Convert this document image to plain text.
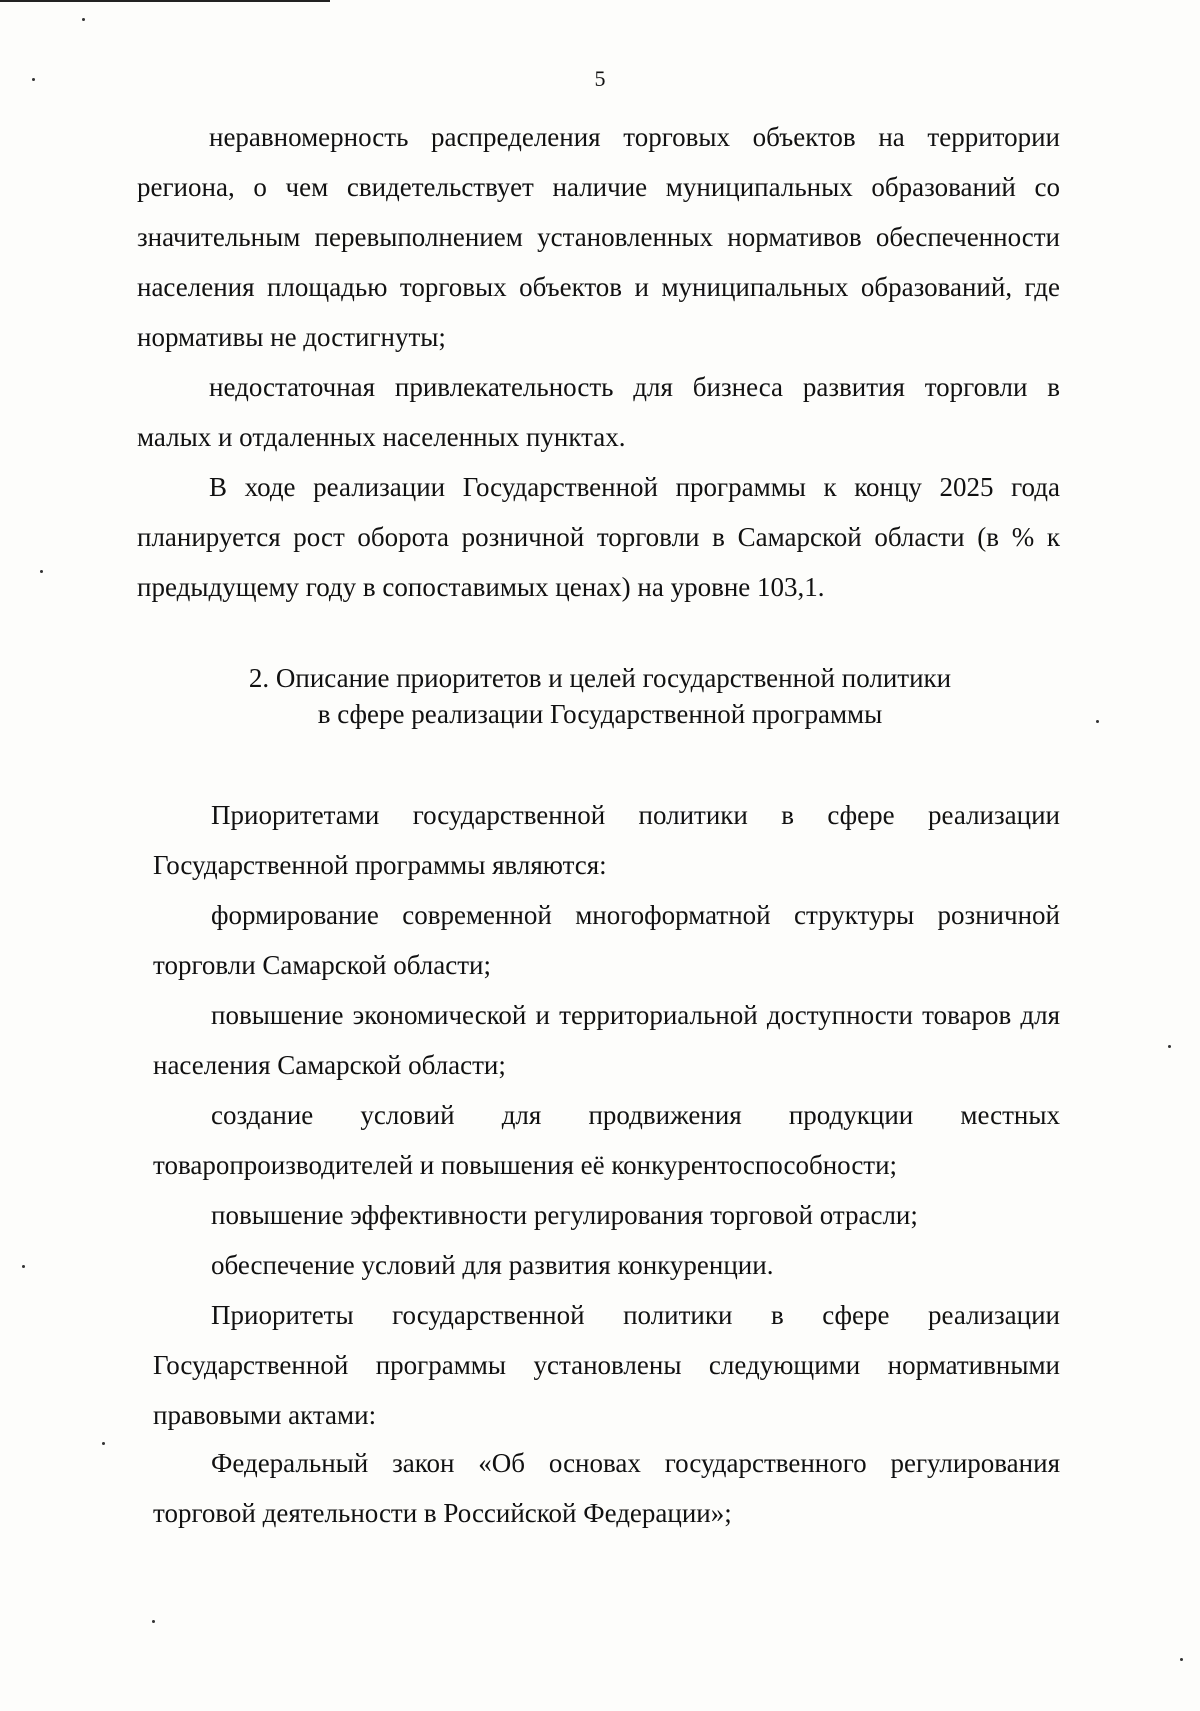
5

неравномерность распределения торговых объектов на территории региона, о чем свидетельствует наличие муниципальных образований со значительным перевыполнением установленных нормативов обеспеченности населения площадью торговых объектов и муниципальных образований, где нормативы не достигнуты;

недостаточная привлекательность для бизнеса развития торговли в малых и отдаленных населенных пунктах.

В ходе реализации Государственной программы к концу 2025 года планируется рост оборота розничной торговли в Самарской области (в % к предыдущему году в сопоставимых ценах) на уровне 103,1.

2. Описание приоритетов и целей государственной политики
в сфере реализации Государственной программы

Приоритетами государственной политики в сфере реализации Государственной программы являются:

формирование современной многоформатной структуры розничной торговли Самарской области;

повышение экономической и территориальной доступности товаров для населения Самарской области;

создание условий для продвижения продукции местных товаропроизводителей и повышения её конкурентоспособности;

повышение эффективности регулирования торговой отрасли;

обеспечение условий для развития конкуренции.

Приоритеты государственной политики в сфере реализации Государственной программы установлены следующими нормативными правовыми актами:

Федеральный закон «Об основах государственного регулирования торговой деятельности в Российской Федерации»;
